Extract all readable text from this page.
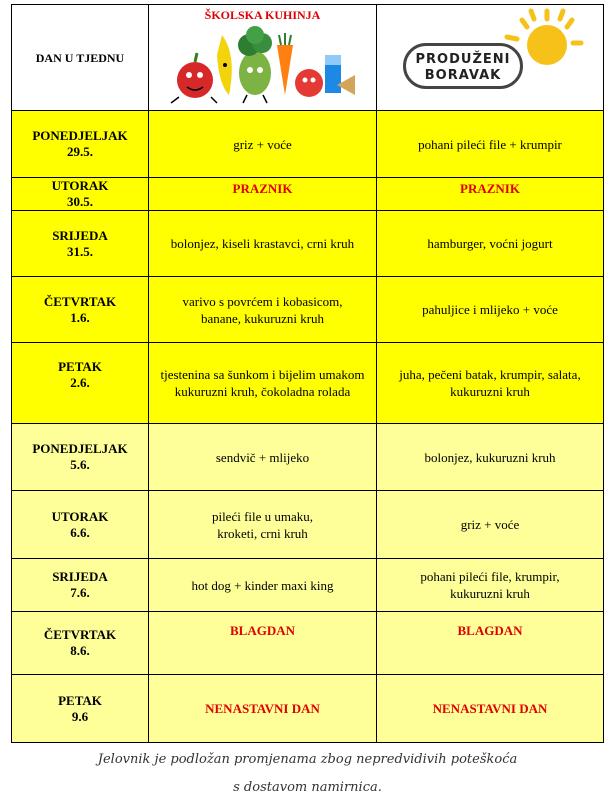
DAN U TJEDNU	ŠKOLSKA KUHINJA	PRODUŽENI
BORAVAK

PONEDJELJAK
29.5.	griz + voće	pohani pileći file + krumpir

UTORAK
30.5.	PRAZNIK	PRAZNIK

SRIJEDA
31.5.	bolonjez, kiseli krastavci, crni kruh	hamburger, voćni jogurt

ČETVRTAK
1.6.	varivo s povrćem i kobasicom, banane, kukuruzni kruh	pahuljice i mlijeko + voće

PETAK
2.6.	tjestenina sa šunkom i bijelim umakom kukuruzni kruh, čokoladna rolada	juha, pečeni batak, krumpir, salata, kukuruzni kruh

PONEDJELJAK
5.6.	sendvič + mlijeko	bolonjez, kukuruzni kruh

UTORAK
6.6.	pileći file u umaku, kroketi, crni kruh	griz + voće

SRIJEDA
7.6.	hot dog + kinder maxi king	pohani pileći file, krumpir, kukuruzni kruh

ČETVRTAK
8.6.	BLAGDAN	BLAGDAN

PETAK
9.6	NENASTAVNI DAN	NENASTAVNI DAN
Jelovnik je podložan promjenama zbog nepredvidivih poteškoća
s dostavom namirnica.
